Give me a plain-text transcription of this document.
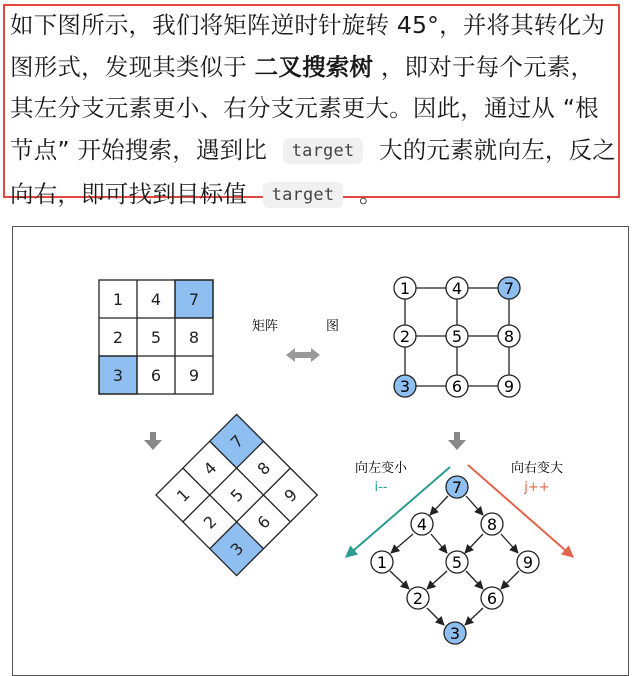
如下图所示，我们将矩阵逆时针旋转 45°，并将其转化为图形式，发现其类似于 二叉搜索树 ，即对于每个元素，其左分支元素更小、右分支元素更大。因此，通过从 “根节点” 开始搜索，遇到比 target 大的元素就向左，反之向右，即可找到目标值 target 。
1 4 7
2 5 8
3 6 9
矩阵	图
1	4	7
2	5	8
3	6	9
1
4
7
2
5
8
3
6
9
向左变小
i--
向右变大
j++
7
4	8
1	5	9
2	6
3
